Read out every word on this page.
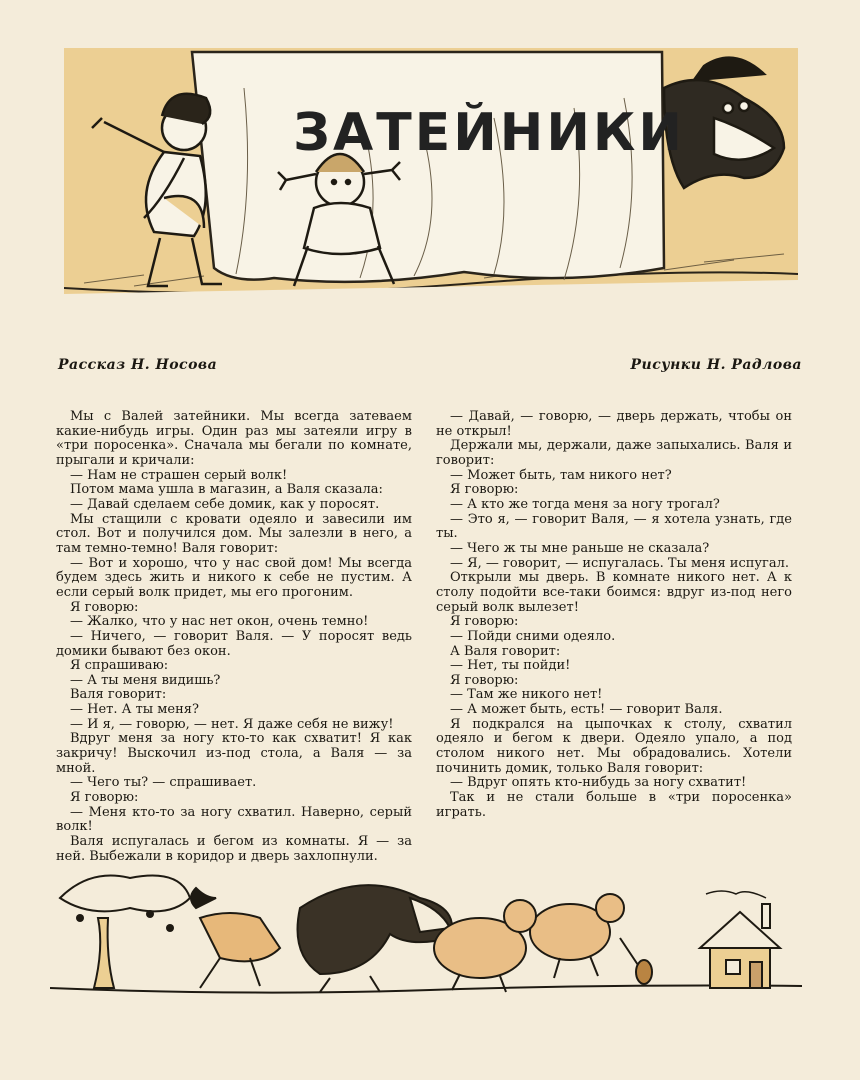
ЗАТЕЙНИКИ
Рассказ Н. Носова	Рисунки Н. Радлова

Мы с Валей затейники. Мы всегда затеваем какие-нибудь игры. Один раз мы затеяли игру в «три поросенка». Сначала мы бегали по комнате, прыгали и кричали:

— Нам не страшен серый волк!

Потом мама ушла в магазин, а Валя сказала:

— Давай сделаем себе домик, как у поросят.

Мы стащили с кровати одеяло и завесили им стол. Вот и получился дом. Мы залезли в него, а там темно-темно! Валя говорит:

— Вот и хорошо, что у нас свой дом! Мы всегда будем здесь жить и никого к себе не пустим. А если серый волк придет, мы его прогоним.

Я говорю:

— Жалко, что у нас нет окон, очень темно!

— Ничего, — говорит Валя. — У поросят ведь домики бывают без окон.

Я спрашиваю:

— А ты меня видишь?

Валя говорит:

— Нет. А ты меня?

— И я, — говорю, — нет. Я даже себя не вижу!

Вдруг меня за ногу кто-то как схватит! Я как закричу! Выскочил из-под стола, а Валя — за мной.

— Чего ты? — спрашивает.

Я говорю:

— Меня кто-то за ногу схватил. Наверно, серый волк!

Валя испугалась и бегом из комнаты. Я — за ней. Выбежали в коридор и дверь захлопнули.

— Давай, — говорю, — дверь держать, чтобы он не открыл!

Держали мы, держали, даже запыхались. Валя и говорит:

— Может быть, там никого нет?

Я говорю:

— А кто же тогда меня за ногу трогал?

— Это я, — говорит Валя, — я хотела узнать, где ты.

— Чего ж ты мне раньше не сказала?

— Я, — говорит, — испугалась. Ты меня испугал.

Открыли мы дверь. В комнате никого нет. А к столу подойти все-таки боимся: вдруг из-под него серый волк вылезет!

Я говорю:

— Пойди сними одеяло.

А Валя говорит:

— Нет, ты пойди!

Я говорю:

— Там же никого нет!

— А может быть, есть! — говорит Валя.

Я подкрался на цыпочках к столу, схватил одеяло и бегом к двери. Одеяло упало, а под столом никого нет. Мы обрадовались. Хотели починить домик, только Валя говорит:

— Вдруг опять кто-нибудь за ногу схватит!

Так и не стали больше в «три поросенка» играть.
